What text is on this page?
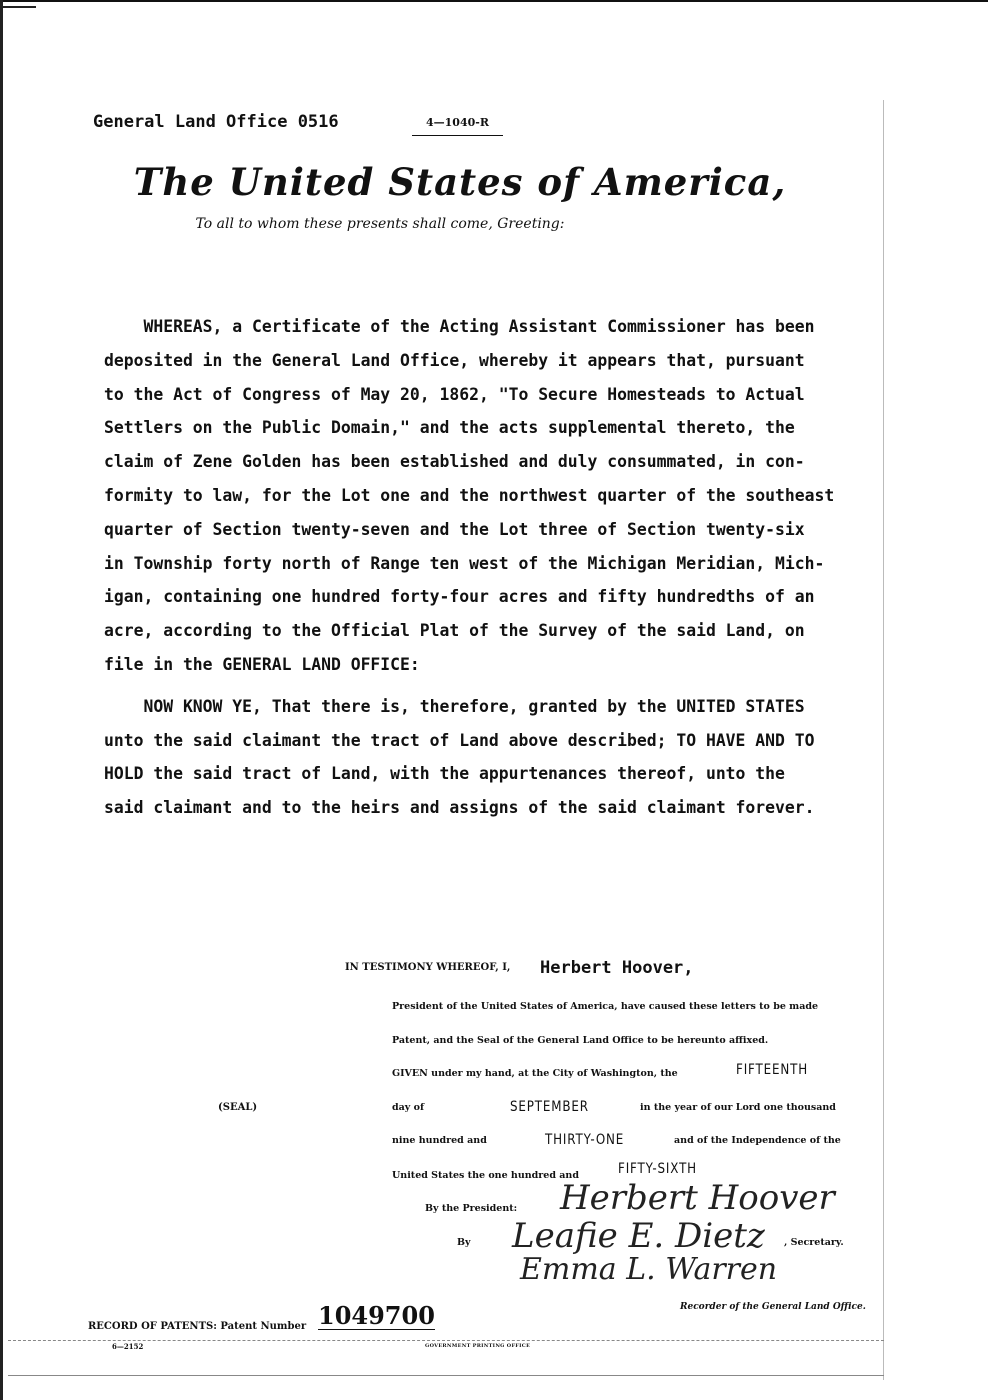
General Land Office 0516	4—1040-R
The United States of America,
To all to whom these presents shall come, Greeting:
WHEREAS, a Certificate of the Acting Assistant Commissioner has been
deposited in the General Land Office, whereby it appears that, pursuant
to the Act of Congress of May 20, 1862, "To Secure Homesteads to Actual
Settlers on the Public Domain," and the acts supplemental thereto, the
claim of Zene Golden has been established and duly consummated, in con-
formity to law, for the Lot one and the northwest quarter of the southeast
quarter of Section twenty-seven and the Lot three of Section twenty-six
in Township forty north of Range ten west of the Michigan Meridian, Mich-
igan, containing one hundred forty-four acres and fifty hundredths of an
acre, according to the Official Plat of the Survey of the said Land, on
file in the GENERAL LAND OFFICE:
NOW KNOW YE, That there is, therefore, granted by the UNITED STATES
unto the said claimant the tract of Land above described; TO HAVE AND TO
HOLD the said tract of Land, with the appurtenances thereof, unto the
said claimant and to the heirs and assigns of the said claimant forever.
IN TESTIMONY WHEREOF, I, Herbert Hoover,
President of the United States of America, have caused these letters to be made
Patent, and the Seal of the General Land Office to be hereunto affixed.
GIVEN under my hand, at the City of Washington, the	FIFTEENTH
(SEAL)	day of	SEPTEMBER	in the year of our Lord one thousand
nine hundred and	THIRTY-ONE	and of the Independence of the
United States the one hundred and	FIFTY-SIXTH
By the President: Herbert Hoover
By Leafie E. Dietz , Secretary.
Emma L. Warren
Recorder of the General Land Office.
RECORD OF PATENTS: Patent Number 1049700
6—2152	GOVERNMENT PRINTING OFFICE
